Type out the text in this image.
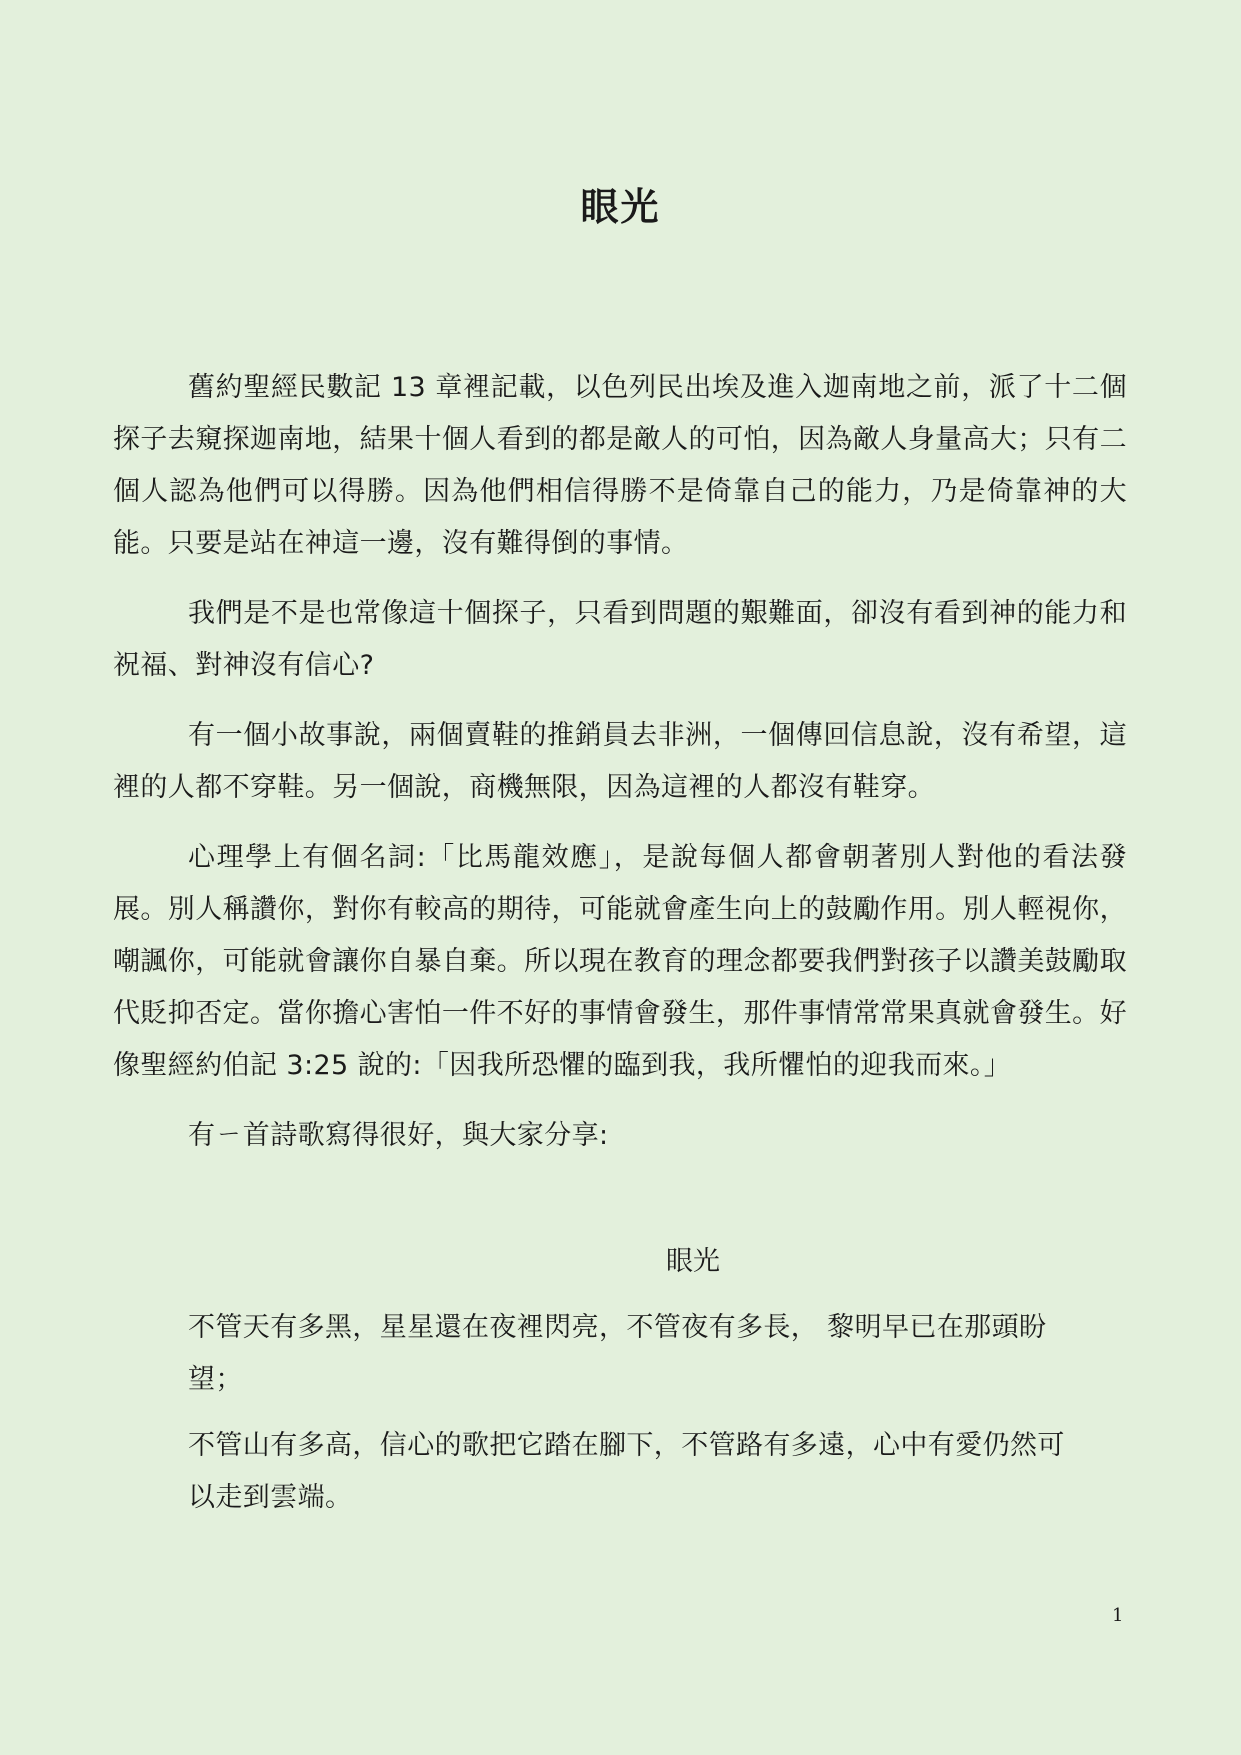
眼光

舊約聖經民數記 13 章裡記載，以色列民出埃及進入迦南地之前，派了十二個探子去窺探迦南地，結果十個人看到的都是敵人的可怕，因為敵人身量高大；只有二個人認為他們可以得勝。因為他們相信得勝不是倚靠自己的能力，乃是倚靠神的大能。只要是站在神這一邊，沒有難得倒的事情。

我們是不是也常像這十個探子，只看到問題的艱難面，卻沒有看到神的能力和祝福、對神沒有信心?

有一個小故事說，兩個賣鞋的推銷員去非洲，一個傳回信息說，沒有希望，這裡的人都不穿鞋。另一個說，商機無限，因為這裡的人都沒有鞋穿。

心理學上有個名詞:「比馬龍效應」，是說每個人都會朝著別人對他的看法發展。別人稱讚你，對你有較高的期待，可能就會產生向上的鼓勵作用。別人輕視你，嘲諷你，可能就會讓你自暴自棄。所以現在教育的理念都要我們對孩子以讚美鼓勵取代貶抑否定。當你擔心害怕一件不好的事情會發生，那件事情常常果真就會發生。好像聖經約伯記 3:25 說的:「因我所恐懼的臨到我，我所懼怕的迎我而來。」

有ㄧ首詩歌寫得很好，與大家分享:

眼光
不管天有多黑，星星還在夜裡閃亮，不管夜有多長， 黎明早已在那頭盼望；
不管山有多高，信心的歌把它踏在腳下，不管路有多遠，心中有愛仍然可以走到雲端。
1
